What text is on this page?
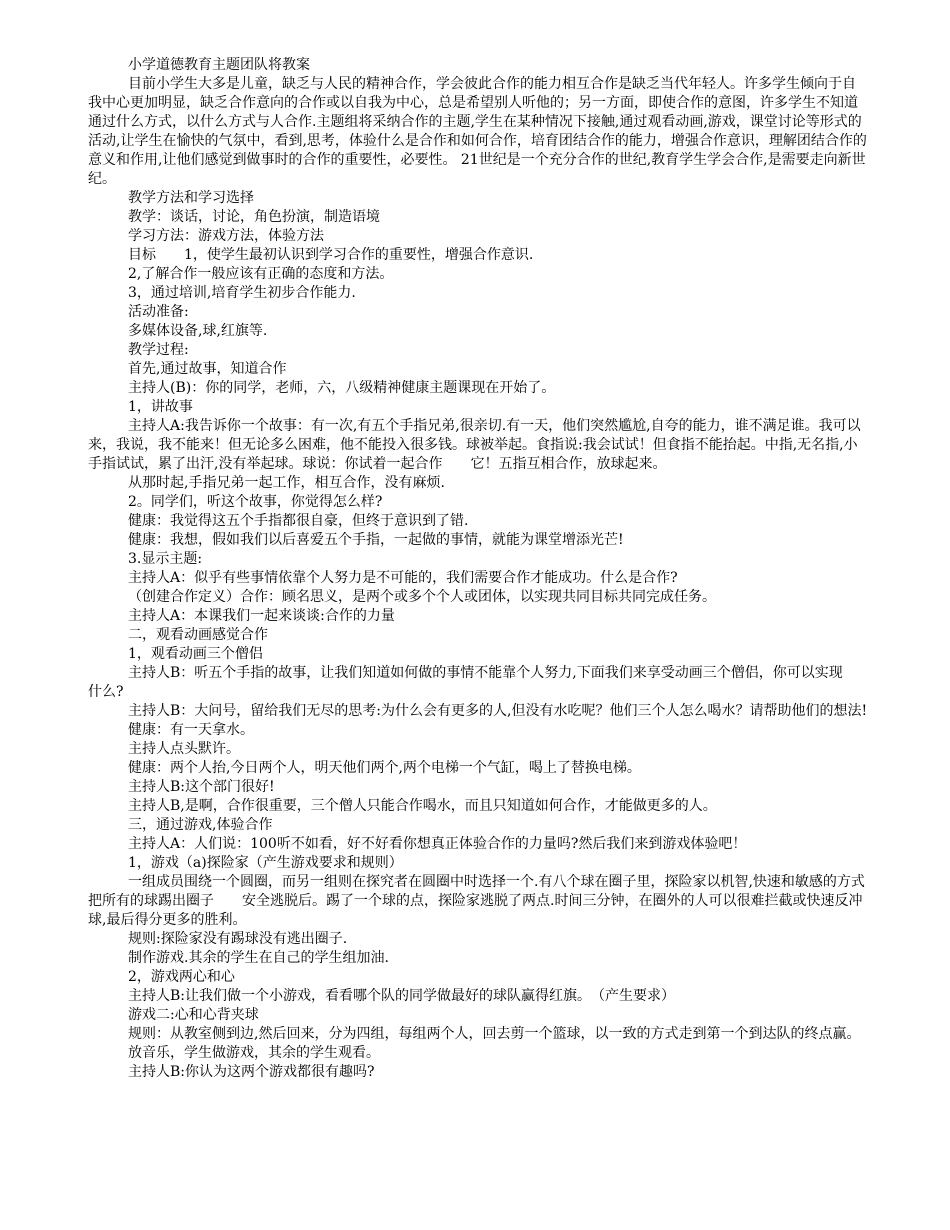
小学道德教育主题团队将教案

目前小学生大多是儿童，缺乏与人民的精神合作，学会彼此合作的能力相互合作是缺乏当代年轻人。许多学生倾向于自我中心更加明显，缺乏合作意向的合作或以自我为中心，总是希望别人听他的；另一方面，即使合作的意图，许多学生不知道通过什么方式，以什么方式与人合作.主题组将采纳合作的主题,学生在某种情况下接触,通过观看动画,游戏，课堂讨论等形式的活动,让学生在愉快的气氛中，看到,思考，体验什么是合作和如何合作，培育团结合作的能力，增强合作意识，理解团结合作的意义和作用,让他们感觉到做事时的合作的重要性，必要性。 21世纪是一个充分合作的世纪,教育学生学会合作,是需要走向新世纪。

教学方法和学习选择

教学：谈话，讨论，角色扮演，制造语境

学习方法：游戏方法，体验方法

目标　　1，使学生最初认识到学习合作的重要性，增强合作意识.

2,了解合作一般应该有正确的态度和方法。

3，通过培训,培育学生初步合作能力.

活动准备:

多媒体设备,球,红旗等.

教学过程:

首先,通过故事，知道合作

主持人(B)：你的同学，老师，六，八级精神健康主题课现在开始了。

1，讲故事

主持人A:我告诉你一个故事：有一次,有五个手指兄弟,很亲切.有一天，他们突然尴尬,自夸的能力，谁不满足谁。我可以来，我说，我不能来！但无论多么困难，他不能投入很多钱。球被举起。食指说:我会试试！但食指不能抬起。中指,无名指,小手指试试，累了出汗,没有举起球。球说：你试着一起合作　　它！五指互相合作，放球起来。

从那时起,手指兄弟一起工作，相互合作，没有麻烦.

2。同学们，听这个故事，你觉得怎么样?

健康：我觉得这五个手指都很自豪，但终于意识到了错.

健康：我想，假如我们以后喜爱五个手指，一起做的事情，就能为课堂增添光芒!

3.显示主题:

主持人A：似乎有些事情依靠个人努力是不可能的，我们需要合作才能成功。什么是合作?

（创建合作定义）合作：顾名思义，是两个或多个个人或团体，以实现共同目标共同完成任务。

主持人A：本课我们一起来谈谈:合作的力量

二，观看动画感觉合作

1，观看动画三个僧侣

主持人B：听五个手指的故事，让我们知道如何做的事情不能靠个人努力,下面我们来享受动画三个僧侣，你可以实现　　什么?

主持人B：大问号，留给我们无尽的思考:为什么会有更多的人,但没有水吃呢？他们三个人怎么喝水？请帮助他们的想法!

健康：有一天拿水。

主持人点头默许。

健康：两个人抬,今日两个人，明天他们两个,两个电梯一个气缸，喝上了替换电梯。

主持人B:这个部门很好!

主持人B,是啊，合作很重要，三个僧人只能合作喝水，而且只知道如何合作，才能做更多的人。

三，通过游戏,体验合作

主持人A：人们说：100听不如看，好不好看你想真正体验合作的力量吗?然后我们来到游戏体验吧！

1，游戏（a)探险家（产生游戏要求和规则）

一组成员围绕一个圆圈，而另一组则在探究者在圆圈中时选择一个.有八个球在圈子里，探险家以机智,快速和敏感的方式把所有的球踢出圈子　　安全逃脱后。踢了一个球的点，探险家逃脱了两点.时间三分钟，在圈外的人可以很难拦截或快速反冲球,最后得分更多的胜利。

规则:探险家没有踢球没有逃出圈子.

制作游戏.其余的学生在自己的学生组加油.

2，游戏两心和心

主持人B:让我们做一个小游戏，看看哪个队的同学做最好的球队赢得红旗。　（产生要求）

游戏二:心和心背夹球

规则：从教室侧到边,然后回来，分为四组，每组两个人，回去剪一个篮球，以一致的方式走到第一个到达队的终点赢。

放音乐，学生做游戏，其余的学生观看。

主持人B:你认为这两个游戏都很有趣吗?
